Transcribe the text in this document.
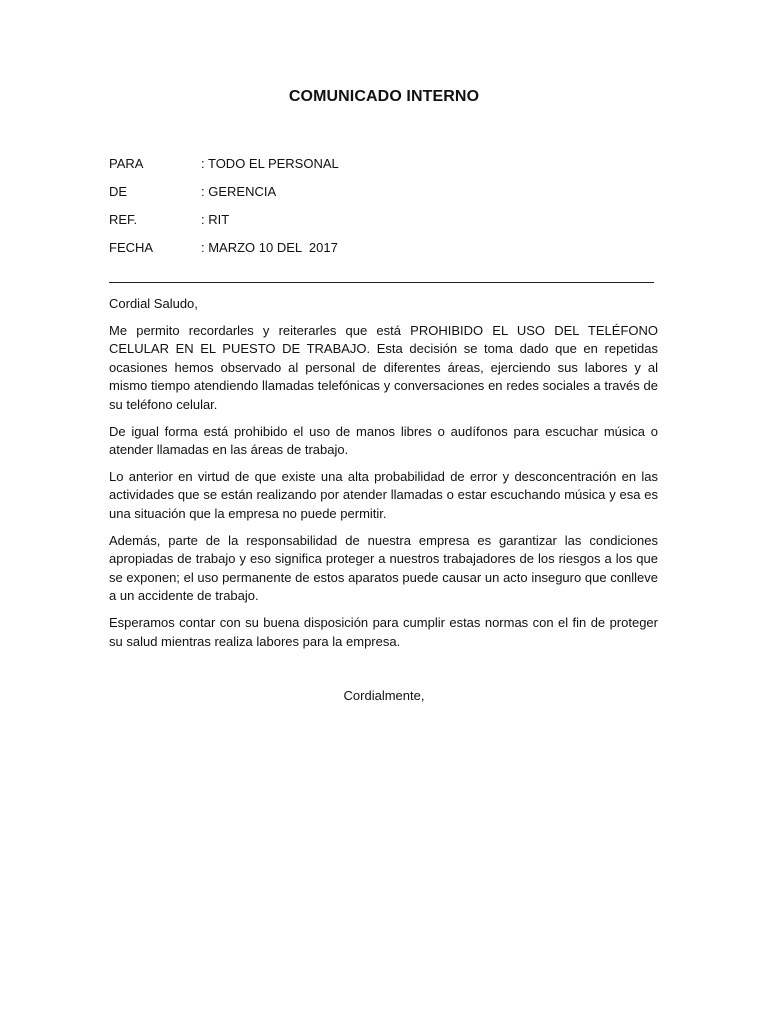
COMUNICADO INTERNO
PARA	: TODO EL PERSONAL
DE	: GERENCIA
REF.	: RIT
FECHA	: MARZO 10 DEL  2017
Cordial Saludo,

Me permito recordarles y reiterarles que está PROHIBIDO EL USO DEL TELÉFONO CELULAR EN EL PUESTO DE TRABAJO. Esta decisión se toma dado que en repetidas ocasiones hemos observado al personal de diferentes áreas, ejerciendo sus labores y al mismo tiempo atendiendo llamadas telefónicas y conversaciones en redes sociales a través de su teléfono celular.

De igual forma está prohibido el uso de manos libres o audífonos para escuchar música o atender llamadas en las áreas de trabajo.

Lo anterior en virtud de que existe una alta probabilidad de error y desconcentración en las actividades que se están realizando por atender llamadas o estar escuchando música y esa es una situación que la empresa no puede permitir.

Además, parte de la responsabilidad de nuestra empresa es garantizar las condiciones apropiadas de trabajo y eso significa proteger a nuestros trabajadores de los riesgos a los que se exponen; el uso permanente de estos aparatos puede causar un acto inseguro que conlleve a un accidente de trabajo.

Esperamos contar con su buena disposición para cumplir estas normas con el fin de proteger su salud mientras realiza labores para la empresa.

Cordialmente,
